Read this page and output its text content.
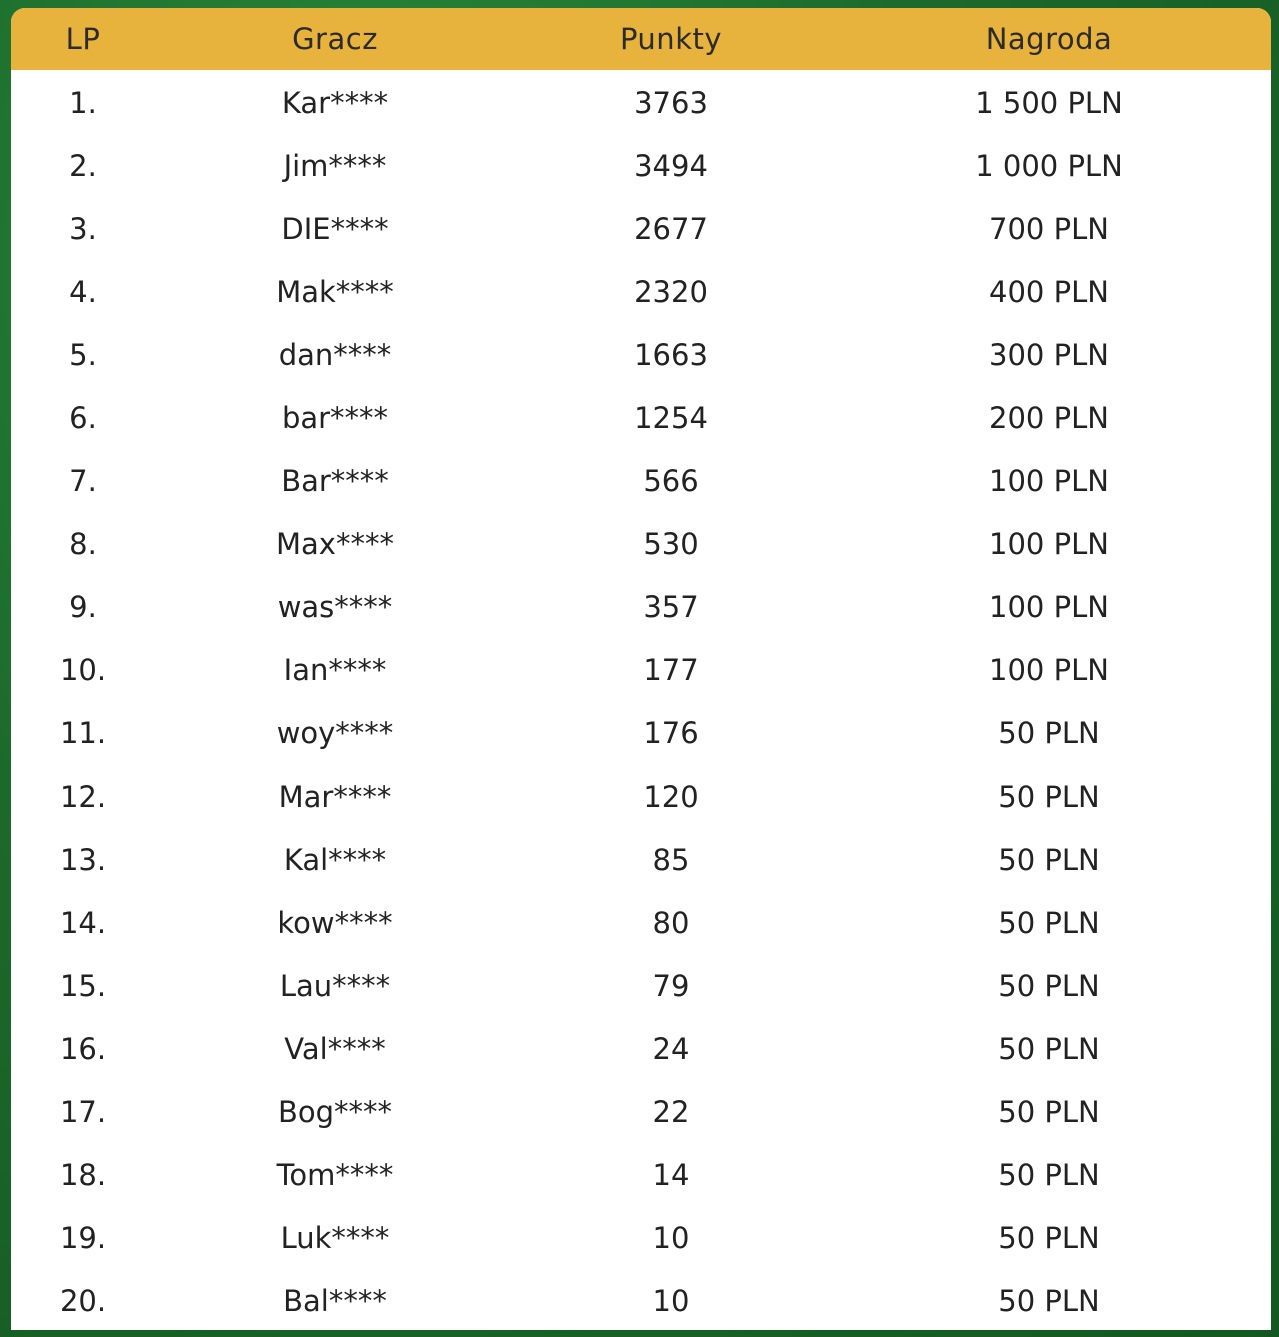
LP	Gracz	Punkty	Nagroda
1.	Kar****	3763	1 500 PLN
2.	Jim****	3494	1 000 PLN
3.	DIE****	2677	700 PLN
4.	Mak****	2320	400 PLN
5.	dan****	1663	300 PLN
6.	bar****	1254	200 PLN
7.	Bar****	566	100 PLN
8.	Max****	530	100 PLN
9.	was****	357	100 PLN
10.	Ian****	177	100 PLN
11.	woy****	176	50 PLN
12.	Mar****	120	50 PLN
13.	Kal****	85	50 PLN
14.	kow****	80	50 PLN
15.	Lau****	79	50 PLN
16.	Val****	24	50 PLN
17.	Bog****	22	50 PLN
18.	Tom****	14	50 PLN
19.	Luk****	10	50 PLN
20.	Bal****	10	50 PLN
